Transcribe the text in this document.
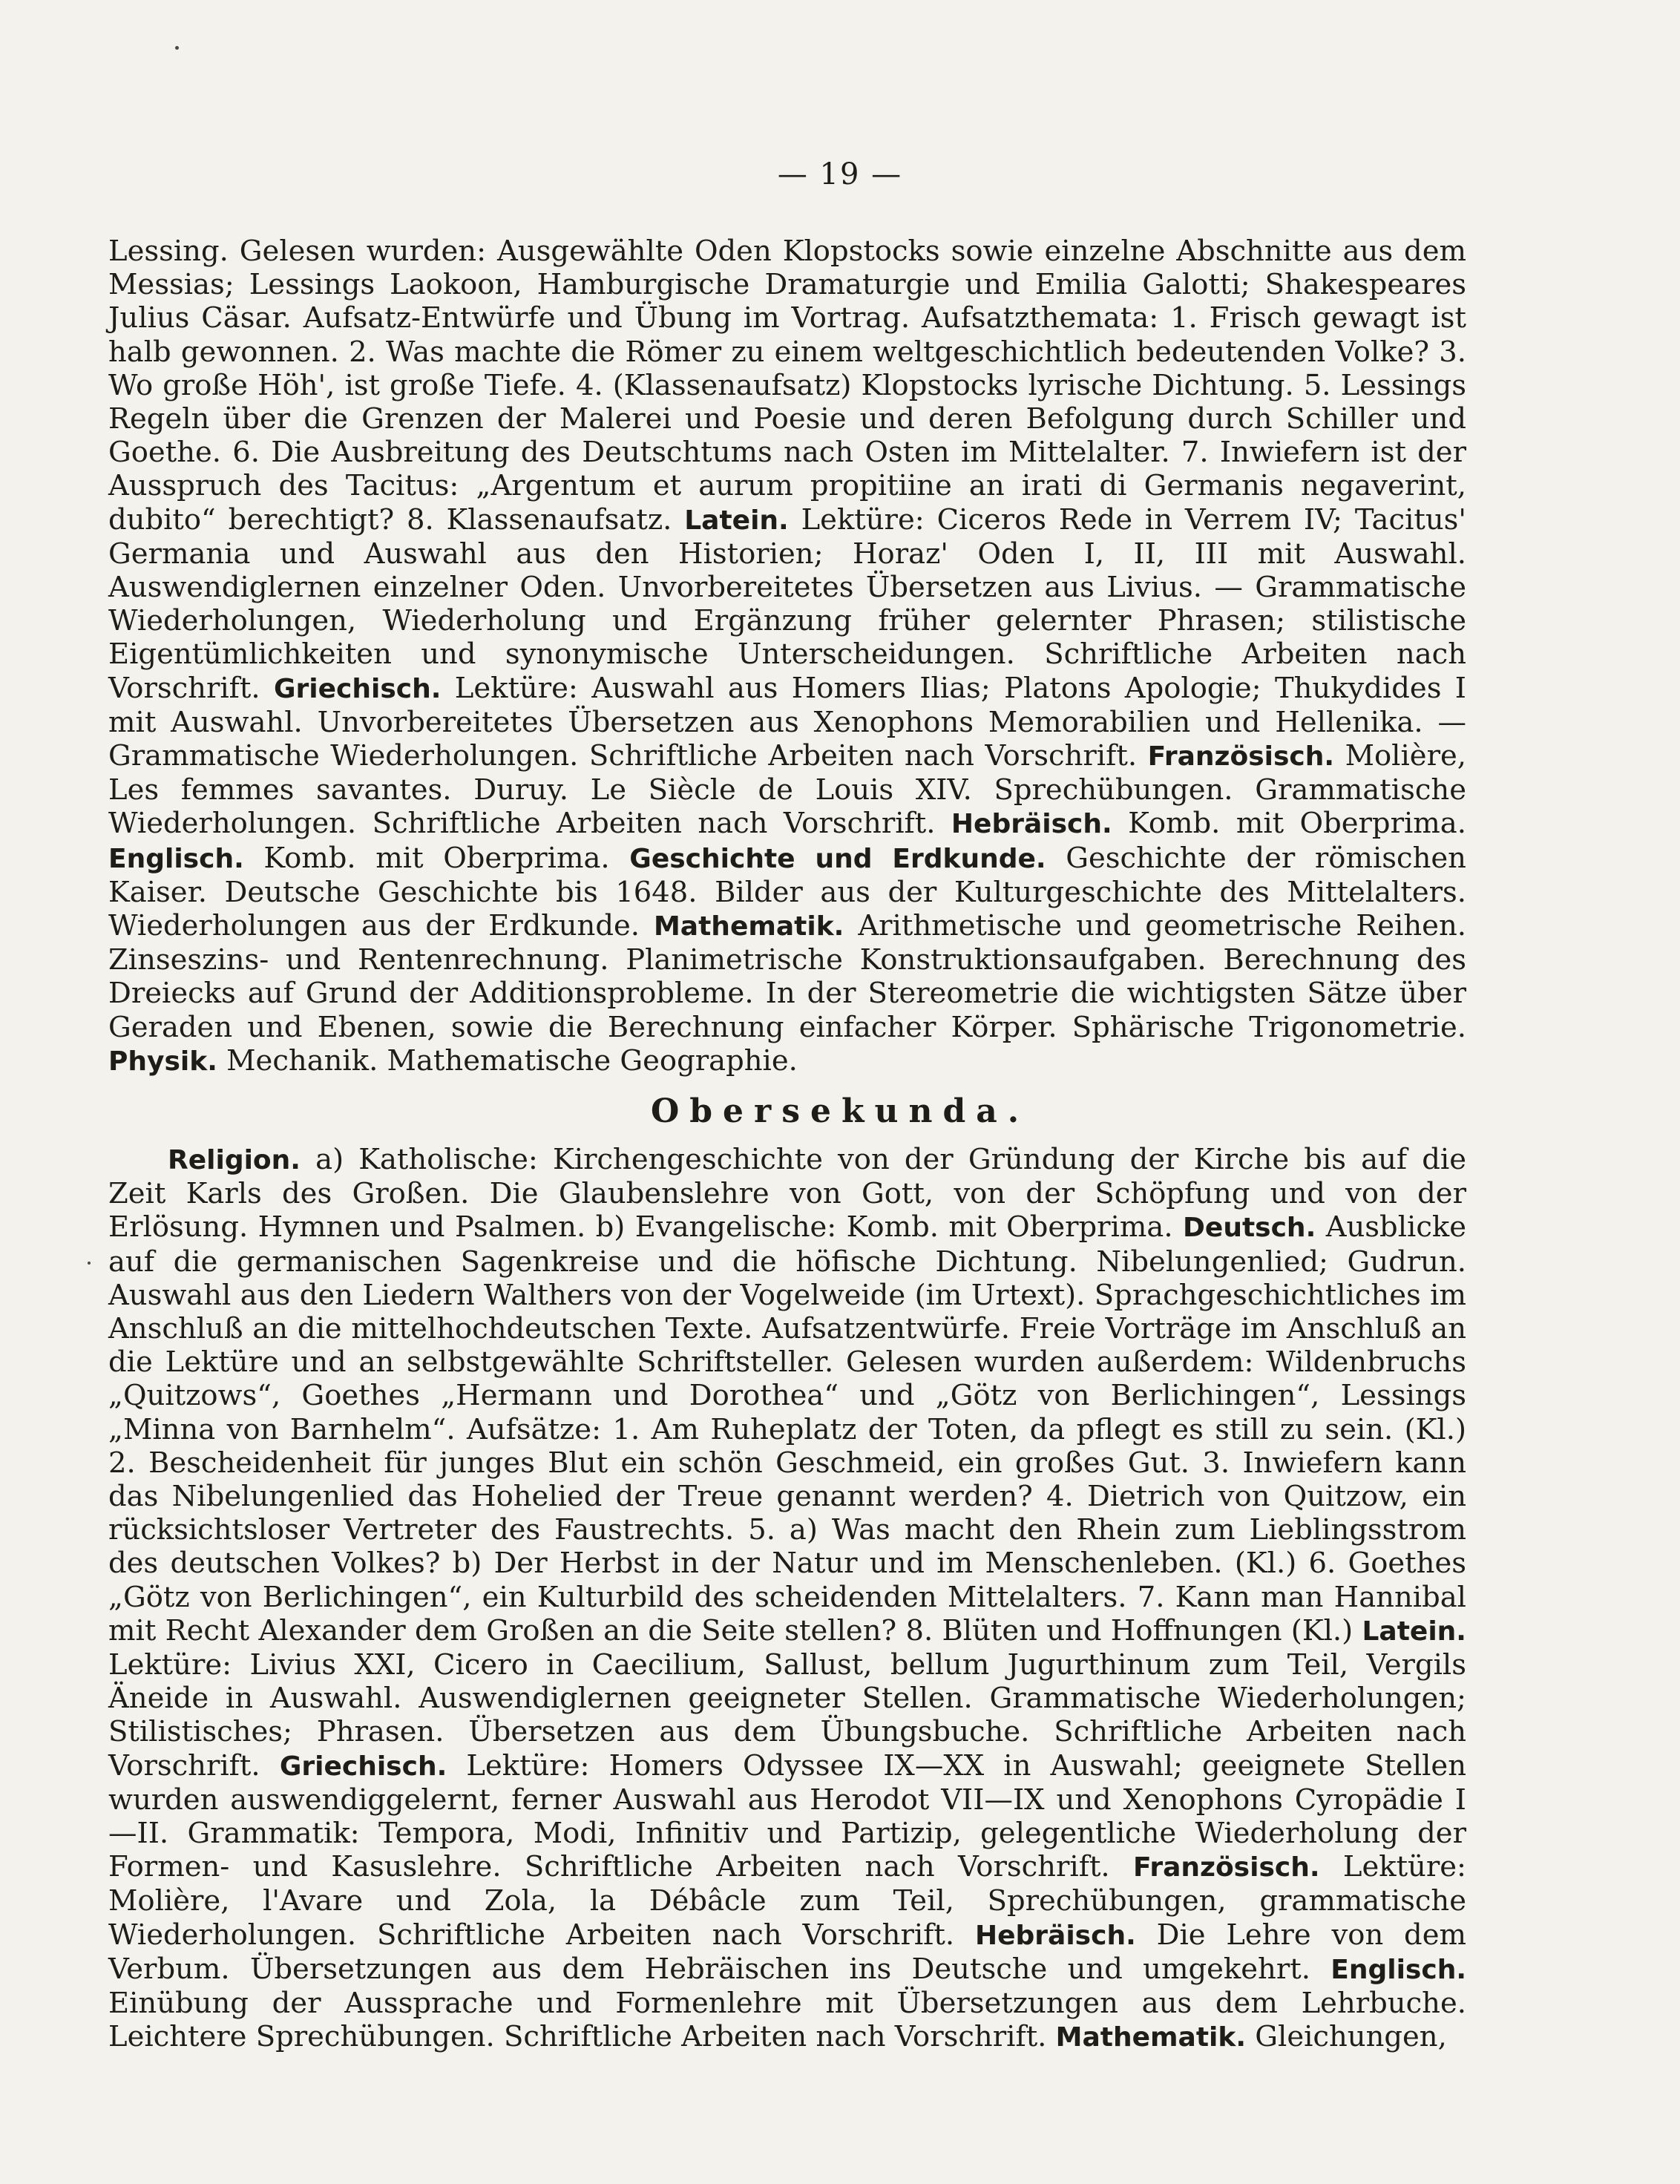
— 19 —

Lessing. Gelesen wurden: Ausgewählte Oden Klopstocks sowie einzelne Abschnitte aus dem Messias; Lessings Laokoon, Hamburgische Dramaturgie und Emilia Galotti; Shakespeares Julius Cäsar. Aufsatz-Entwürfe und Übung im Vortrag. Aufsatzthemata: 1. Frisch gewagt ist halb gewonnen. 2. Was machte die Römer zu einem weltgeschichtlich bedeutenden Volke? 3. Wo große Höh', ist große Tiefe. 4. (Klassenaufsatz) Klopstocks lyrische Dichtung. 5. Lessings Regeln über die Grenzen der Malerei und Poesie und deren Befolgung durch Schiller und Goethe. 6. Die Ausbreitung des Deutschtums nach Osten im Mittelalter. 7. Inwiefern ist der Ausspruch des Tacitus: „Argentum et aurum propitiine an irati di Germanis negaverint, dubito“ berechtigt? 8. Klassenaufsatz. Latein. Lektüre: Ciceros Rede in Verrem IV; Tacitus' Germania und Auswahl aus den Historien; Horaz' Oden I, II, III mit Auswahl. Auswendiglernen einzelner Oden. Unvorbereitetes Übersetzen aus Livius. — Grammatische Wiederholungen, Wiederholung und Ergänzung früher gelernter Phrasen; stilistische Eigentümlichkeiten und synonymische Unterscheidungen. Schriftliche Arbeiten nach Vorschrift. Griechisch. Lektüre: Auswahl aus Homers Ilias; Platons Apologie; Thukydides I mit Auswahl. Unvorbereitetes Übersetzen aus Xenophons Memorabilien und Hellenika. — Grammatische Wiederholungen. Schriftliche Arbeiten nach Vorschrift. Französisch. Molière, Les femmes savantes. Duruy. Le Siècle de Louis XIV. Sprechübungen. Grammatische Wiederholungen. Schriftliche Arbeiten nach Vorschrift. Hebräisch. Komb. mit Oberprima. Englisch. Komb. mit Oberprima. Geschichte und Erdkunde. Geschichte der römischen Kaiser. Deutsche Geschichte bis 1648. Bilder aus der Kulturgeschichte des Mittelalters. Wiederholungen aus der Erdkunde. Mathematik. Arithmetische und geometrische Reihen. Zinseszins- und Rentenrechnung. Planimetrische Konstruktionsaufgaben. Berechnung des Dreiecks auf Grund der Additionsprobleme. In der Stereometrie die wichtigsten Sätze über Geraden und Ebenen, sowie die Berechnung einfacher Körper. Sphärische Trigonometrie. Physik. Mechanik. Mathematische Geographie.

Obersekunda.

Religion. a) Katholische: Kirchengeschichte von der Gründung der Kirche bis auf die Zeit Karls des Großen. Die Glaubenslehre von Gott, von der Schöpfung und von der Erlösung. Hymnen und Psalmen. b) Evangelische: Komb. mit Oberprima. Deutsch. Ausblicke auf die germanischen Sagenkreise und die höfische Dichtung. Nibelungenlied; Gudrun. Auswahl aus den Liedern Walthers von der Vogelweide (im Urtext). Sprachgeschichtliches im Anschluß an die mittelhochdeutschen Texte. Aufsatzentwürfe. Freie Vorträge im Anschluß an die Lektüre und an selbstgewählte Schriftsteller. Gelesen wurden außerdem: Wildenbruchs „Quitzows“, Goethes „Hermann und Dorothea“ und „Götz von Berlichingen“, Lessings „Minna von Barnhelm“. Aufsätze: 1. Am Ruheplatz der Toten, da pflegt es still zu sein. (Kl.) 2. Bescheidenheit für junges Blut ein schön Geschmeid, ein großes Gut. 3. Inwiefern kann das Nibelungenlied das Hohelied der Treue genannt werden? 4. Dietrich von Quitzow, ein rücksichtsloser Vertreter des Faustrechts. 5. a) Was macht den Rhein zum Lieblingsstrom des deutschen Volkes? b) Der Herbst in der Natur und im Menschenleben. (Kl.) 6. Goethes „Götz von Berlichingen“, ein Kulturbild des scheidenden Mittelalters. 7. Kann man Hannibal mit Recht Alexander dem Großen an die Seite stellen? 8. Blüten und Hoffnungen (Kl.) Latein. Lektüre: Livius XXI, Cicero in Caecilium, Sallust, bellum Jugurthinum zum Teil, Vergils Äneide in Auswahl. Auswendiglernen geeigneter Stellen. Grammatische Wiederholungen; Stilistisches; Phrasen. Übersetzen aus dem Übungsbuche. Schriftliche Arbeiten nach Vorschrift. Griechisch. Lektüre: Homers Odyssee IX—XX in Auswahl; geeignete Stellen wurden auswendiggelernt, ferner Auswahl aus Herodot VII—IX und Xenophons Cyropädie I—II. Grammatik: Tempora, Modi, Infinitiv und Partizip, gelegentliche Wiederholung der Formen- und Kasuslehre. Schriftliche Arbeiten nach Vorschrift. Französisch. Lektüre: Molière, l'Avare und Zola, la Débâcle zum Teil, Sprechübungen, grammatische Wiederholungen. Schriftliche Arbeiten nach Vorschrift. Hebräisch. Die Lehre von dem Verbum. Übersetzungen aus dem Hebräischen ins Deutsche und umgekehrt. Englisch. Einübung der Aussprache und Formenlehre mit Übersetzungen aus dem Lehrbuche. Leichtere Sprechübungen. Schriftliche Arbeiten nach Vorschrift. Mathematik. Gleichungen,
